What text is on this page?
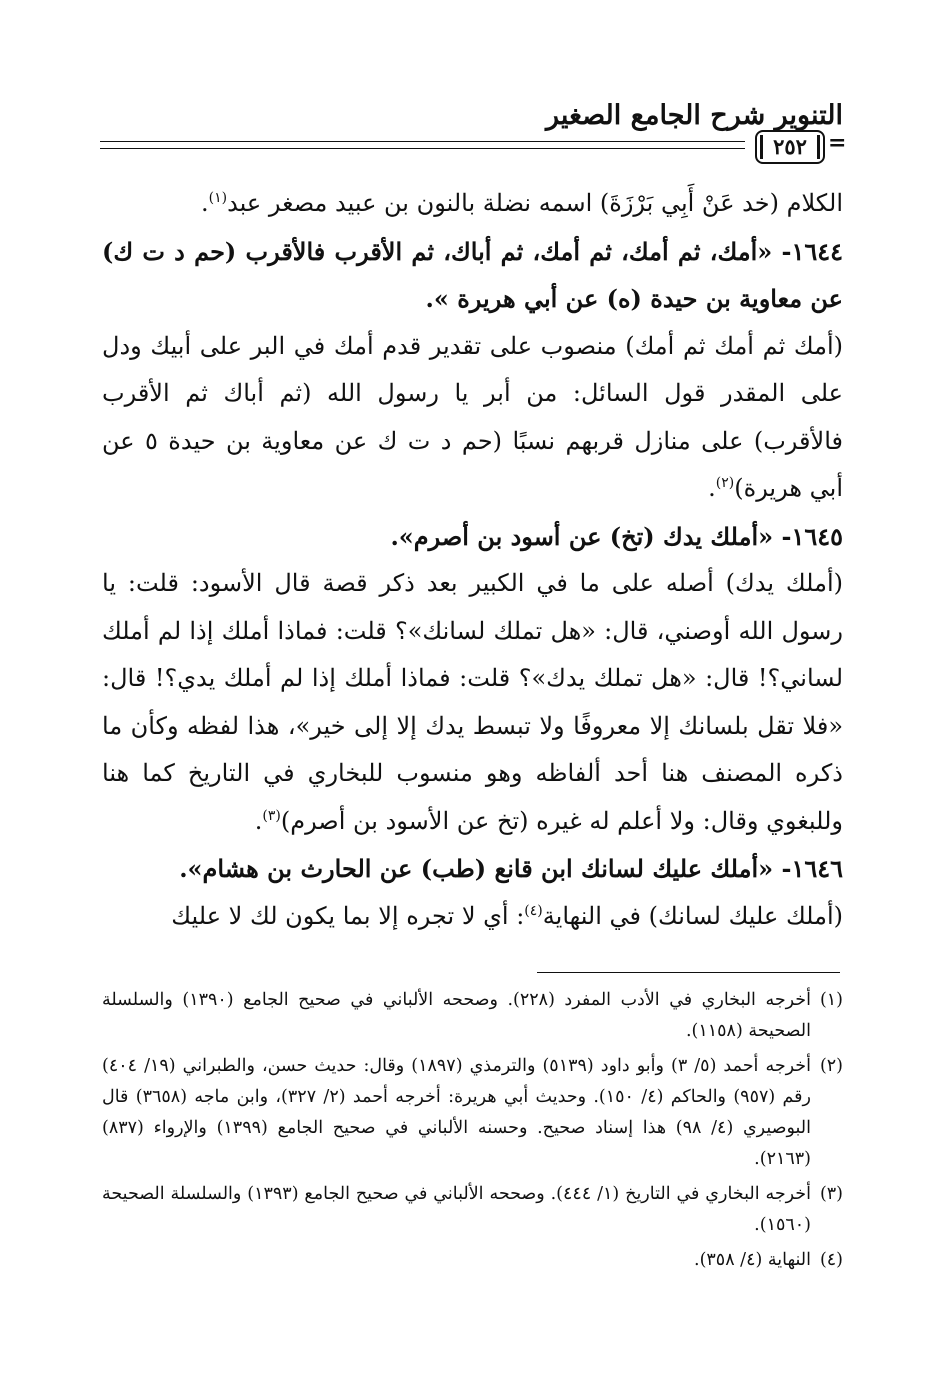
التنوير شرح الجامع الصغير
٢٥٢ =

الكلام (خد عَنْ أَبِي بَرْزَةَ) اسمه نضلة بالنون بن عبيد مصغر عبد$^{(١)}$.

١٦٤٤- «أمك، ثم أمك، ثم أمك، ثم أباك، ثم الأقرب فالأقرب (حم د ت ك) عن معاوية بن حيدة (ه) عن أبي هريرة ».

(أمك ثم أمك ثم أمك) منصوب على تقدير قدم أمك في البر على أبيك ودل على المقدر قول السائل: من أبر يا رسول الله (ثم أباك ثم الأقرب فالأقرب) على منازل قربهم نسبًا (حم د ت ك عن معاوية بن حيدة ٥ عن أبي هريرة)$^{(٢)}$.

١٦٤٥- «أملك يدك (تخ) عن أسود بن أصرم».

(أملك يدك) أصله على ما في الكبير بعد ذكر قصة قال الأسود: قلت: يا رسول الله أوصني، قال: «هل تملك لسانك»؟ قلت: فماذا أملك إذا لم أملك لساني؟! قال: «هل تملك يدك»؟ قلت: فماذا أملك إذا لم أملك يدي؟! قال: «فلا تقل بلسانك إلا معروفًا ولا تبسط يدك إلا إلى خير»، هذا لفظه وكأن ما ذكره المصنف هنا أحد ألفاظه وهو منسوب للبخاري في التاريخ كما هنا وللبغوي وقال: ولا أعلم له غيره (تخ عن الأسود بن أصرم)$^{(٣)}$.

١٦٤٦- «أملك عليك لسانك ابن قانع (طب) عن الحارث بن هشام».

(أملك عليك لسانك) في النهاية$^{(٤)}$: أي لا تجره إلا بما يكون لك لا عليك

(١)
أخرجه البخاري في الأدب المفرد (٢٢٨). وصححه الألباني في صحيح الجامع (١٣٩٠) والسلسلة الصحيحة (١١٥٨).

(٢)
أخرجه أحمد (٥/ ٣) وأبو داود (٥١٣٩) والترمذي (١٨٩٧) وقال: حديث حسن، والطبراني (١٩/ ٤٠٤) رقم (٩٥٧) والحاكم (٤/ ١٥٠). وحديث أبي هريرة: أخرجه أحمد (٢/ ٣٢٧)، وابن ماجه (٣٦٥٨) قال البوصيري (٤/ ٩٨) هذا إسناد صحيح. وحسنه الألباني في صحيح الجامع (١٣٩٩) والإرواء (٨٣٧) (٢١٦٣).

(٣)
أخرجه البخاري في التاريخ (١/ ٤٤٤). وصححه الألباني في صحيح الجامع (١٣٩٣) والسلسلة الصحيحة (١٥٦٠).

(٤)
النهاية (٤/ ٣٥٨).
